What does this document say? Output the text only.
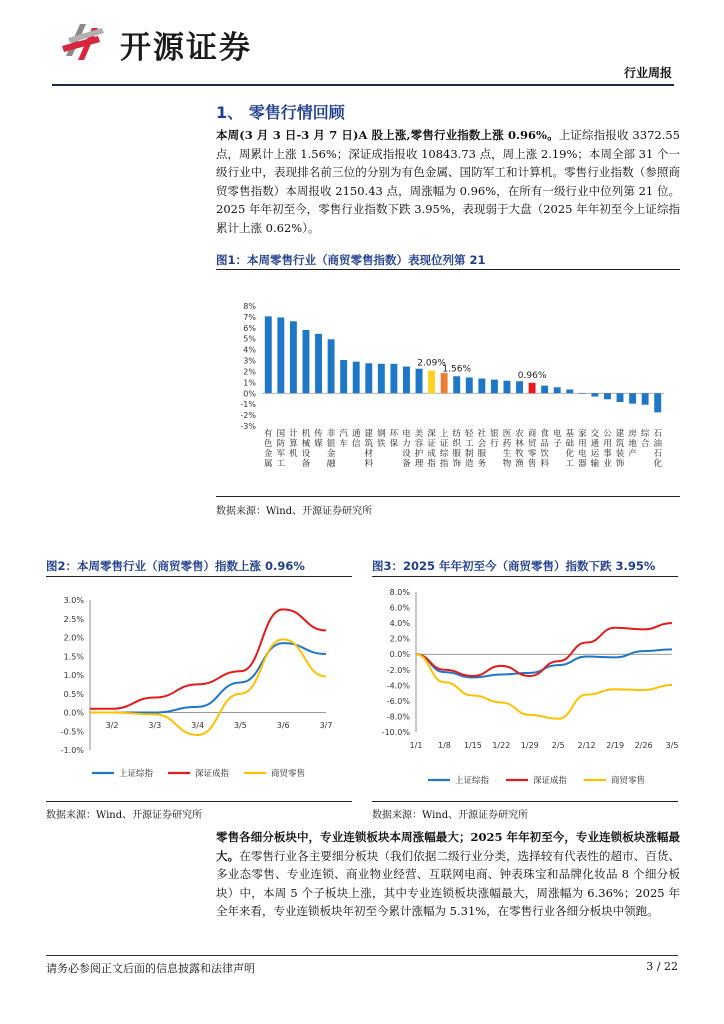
开源证券
行业周报
1、 零售行情回顾
本周(3 月 3 日-3 月 7 日)A 股上涨,零售行业指数上涨 0.96%。上证综指报收 3372.55 点，周累计上涨 1.56%；深证成指报收 10843.73 点，周上涨 2.19%；本周全部 31 个一级行业中，表现排名前三位的分别为有色金属、国防军工和计算机。零售行业指数（参照商贸零售指数）本周报收 2150.43 点，周涨幅为 0.96%，在所有一级行业中位列第 21 位。2025 年年初至今，零售行业指数下跌 3.95%，表现弱于大盘（2025 年年初至今上证综指累计上涨 0.62%）。
图1：本周零售行业（商贸零售指数）表现位列第 21
8%
7%
6%
5%
4%
3%
2%
1%
0%
-1%
-2%
-3%
有色金属
国防军工
计算机
机械设备
传媒
非银金融
汽车
通信
建筑材料
钢铁
环保
电力设备
美容护理
深证成指
上证综指
纺织服饰
轻工制造
社会服务
银行
医药生物
农林牧渔
商贸零售
食品饮料
电子
基础化工
家用电器
交通运输
公用事业
建筑装饰
房地产
综合
石油石化
2.09%
1.56%
0.96%
数据来源：Wind、开源证券研究所
图2：本周零售行业（商贸零售）指数上涨 0.96%
3.0%
2.5%
2.0%
1.5%
1.0%
0.5%
0.0%
-0.5%
-1.0%
3/2	3/3	3/4	3/5	3/6	3/7
上证综指	深证成指	商贸零售
数据来源：Wind、开源证券研究所
图3：2025 年年初至今（商贸零售）指数下跌 3.95%
8.0%
6.0%
4.0%
2.0%
0.0%
-2.0%
-4.0%
-6.0%
-8.0%
-10.0%
1/1 1/8 1/15 1/22 1/29 2/5 2/12 2/19 2/26 3/5
上证综指	深证成指	商贸零售
数据来源：Wind、开源证券研究所
零售各细分板块中，专业连锁板块本周涨幅最大；2025 年年初至今，专业连锁板块涨幅最大。在零售行业各主要细分板块（我们依据二级行业分类，选择较有代表性的超市、百货、多业态零售、专业连锁、商业物业经营、互联网电商、钟表珠宝和品牌化妆品 8 个细分板块）中，本周 5 个子板块上涨，其中专业连锁板块涨幅最大，周涨幅为 6.36%；2025 年全年来看，专业连锁板块年初至今累计涨幅为 5.31%，在零售行业各细分板块中领跑。
请务必参阅正文后面的信息披露和法律声明	3 / 22
